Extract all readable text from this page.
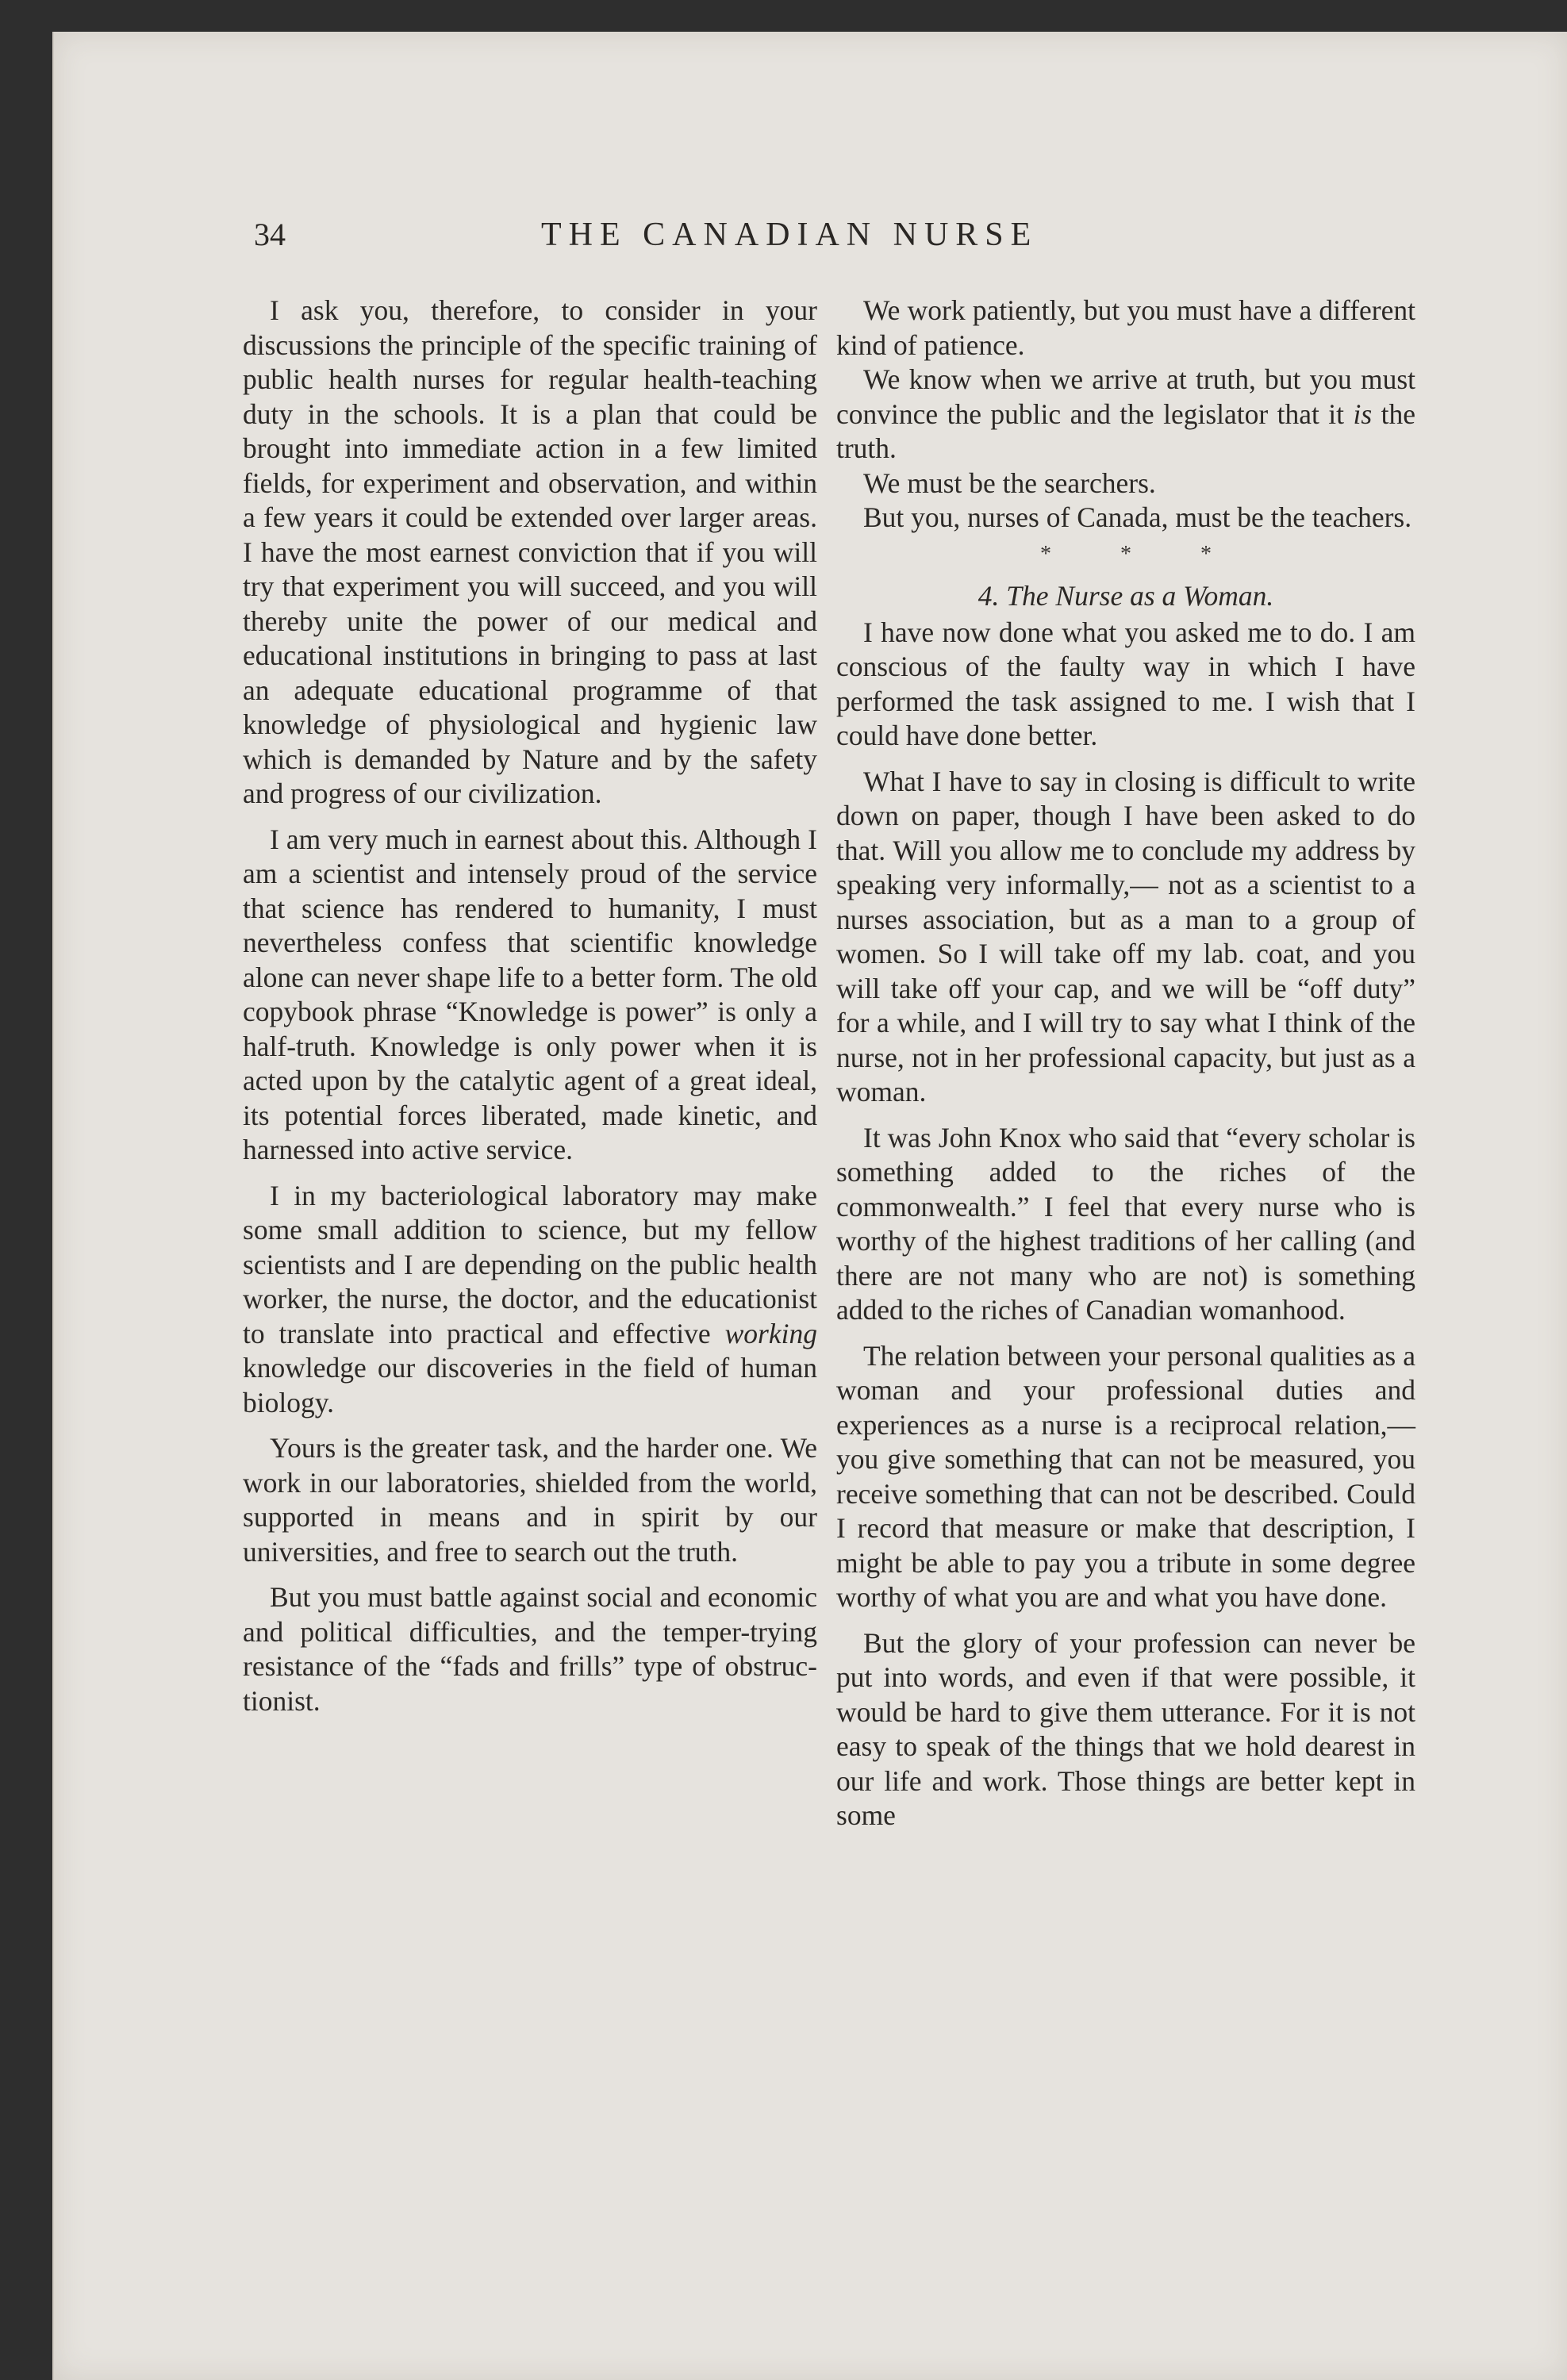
34	THE CANADIAN NURSE

I ask you, therefore, to consider in your discussions the principle of the specific training of public health nurses for regular health-teaching duty in the schools. It is a plan that could be brought into immediate action in a few limited fields, for experiment and observation, and within a few years it could be extended over larger areas. I have the most earnest conviction that if you will try that experiment you will succeed, and you will thereby unite the power of our medical and educational institutions in bringing to pass at last an adequate educational programme of that knowledge of physiological and hygienic law which is demanded by Nature and by the safety and progress of our civilization.

I am very much in earnest about this. Although I am a scientist and intensely proud of the service that science has rendered to humanity, I must nevertheless confess that scientific knowledge alone can never shape life to a better form. The old copybook phrase “Knowledge is power” is only a half-truth. Knowledge is only power when it is acted upon by the catalytic agent of a great ideal, its potential forces liberated, made kinetic, and harnessed into active service.

I in my bacteriological laboratory may make some small addition to science, but my fellow scientists and I are depending on the public health worker, the nurse, the doctor, and the educationist to translate into practical and effective working knowledge our discoveries in the field of human biology.

Yours is the greater task, and the harder one. We work in our laboratories, shielded from the world, supported in means and in spirit by our universities, and free to search out the truth.

But you must battle against social and economic and political difficulties, and the temper-trying resistance of the “fads and frills” type of obstructionist.

We work patiently, but you must have a different kind of patience.

We know when we arrive at truth, but you must convince the public and the legislator that it is the truth.

We must be the searchers.

But you, nurses of Canada, must be the teachers.

* * *
4. The Nurse as a Woman.

I have now done what you asked me to do. I am conscious of the faulty way in which I have performed the task assigned to me. I wish that I could have done better.

What I have to say in closing is difficult to write down on paper, though I have been asked to do that. Will you allow me to conclude my address by speaking very informally,— not as a scientist to a nurses association, but as a man to a group of women. So I will take off my lab. coat, and you will take off your cap, and we will be “off duty” for a while, and I will try to say what I think of the nurse, not in her professional capacity, but just as a woman.

It was John Knox who said that “every scholar is something added to the riches of the commonwealth.” I feel that every nurse who is worthy of the highest traditions of her calling (and there are not many who are not) is something added to the riches of Canadian womanhood.

The relation between your personal qualities as a woman and your professional duties and experiences as a nurse is a reciprocal relation,—you give something that can not be measured, you receive something that can not be described. Could I record that measure or make that description, I might be able to pay you a tribute in some degree worthy of what you are and what you have done.

But the glory of your profession can never be put into words, and even if that were possible, it would be hard to give them utterance. For it is not easy to speak of the things that we hold dearest in our life and work. Those things are better kept in some
